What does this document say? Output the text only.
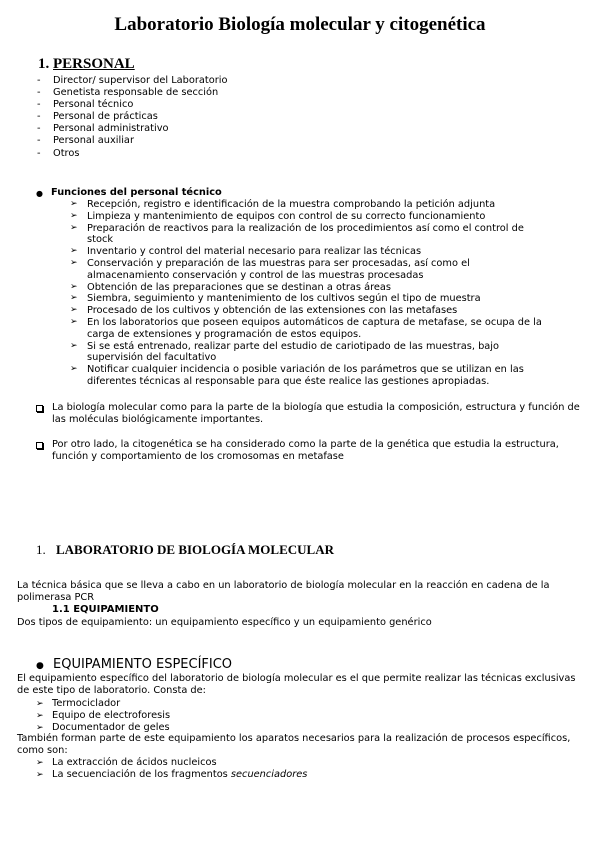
Laboratorio Biología molecular y citogenética
1. PERSONAL
-	Director/ supervisor del Laboratorio
-	Genetista responsable de sección
-	Personal técnico
-	Personal de prácticas
-	Personal administrativo
-	Personal auxiliar
-	Otros
● Funciones del personal técnico
➢ Recepción, registro e identificación de la muestra comprobando la petición adjunta
➢ Limpieza y mantenimiento de equipos con control de su correcto funcionamiento
➢ Preparación de reactivos para la realización de los procedimientos así como el control de stock
➢ Inventario y control del material necesario para realizar las técnicas
➢ Conservación y preparación de las muestras para ser procesadas, así como el almacenamiento conservación y control de las muestras procesadas
➢ Obtención de las preparaciones que se destinan a otras áreas
➢ Siembra, seguimiento y mantenimiento de los cultivos según el tipo de muestra
➢ Procesado de los cultivos y obtención de las extensiones con las metafases
➢ En los laboratorios que poseen equipos automáticos de captura de metafase, se ocupa de la carga de extensiones y programación de estos equipos.
➢ Si se está entrenado, realizar parte del estudio de cariotipado de las muestras, bajo supervisión del facultativo
➢ Notificar cualquier incidencia o posible variación de los parámetros que se utilizan en las diferentes técnicas al responsable para que éste realice las gestiones apropiadas.
La biología molecular como para la parte de la biología que estudia la composición, estructura y función de las moléculas biológicamente importantes.
Por otro lado, la citogenética se ha considerado como la parte de la genética que estudia la estructura, función y comportamiento de los cromosomas en metafase
1. LABORATORIO DE BIOLOGÍA MOLECULAR
La técnica básica que se lleva a cabo en un laboratorio de biología molecular en la reacción en cadena de la polimerasa PCR
1.1 EQUIPAMIENTO
Dos tipos de equipamiento: un equipamiento específico y un equipamiento genérico
● EQUIPAMIENTO ESPECÍFICO
El equipamiento específico del laboratorio de biología molecular es el que permite realizar las técnicas exclusivas de este tipo de laboratorio. Consta de:
➢ Termociclador
➢ Equipo de electroforesis
➢ Documentador de geles
También forman parte de este equipamiento los aparatos necesarios para la realización de procesos específicos, como son:
➢ La extracción de ácidos nucleicos
➢ La secuenciación de los fragmentos
secuenciadores
